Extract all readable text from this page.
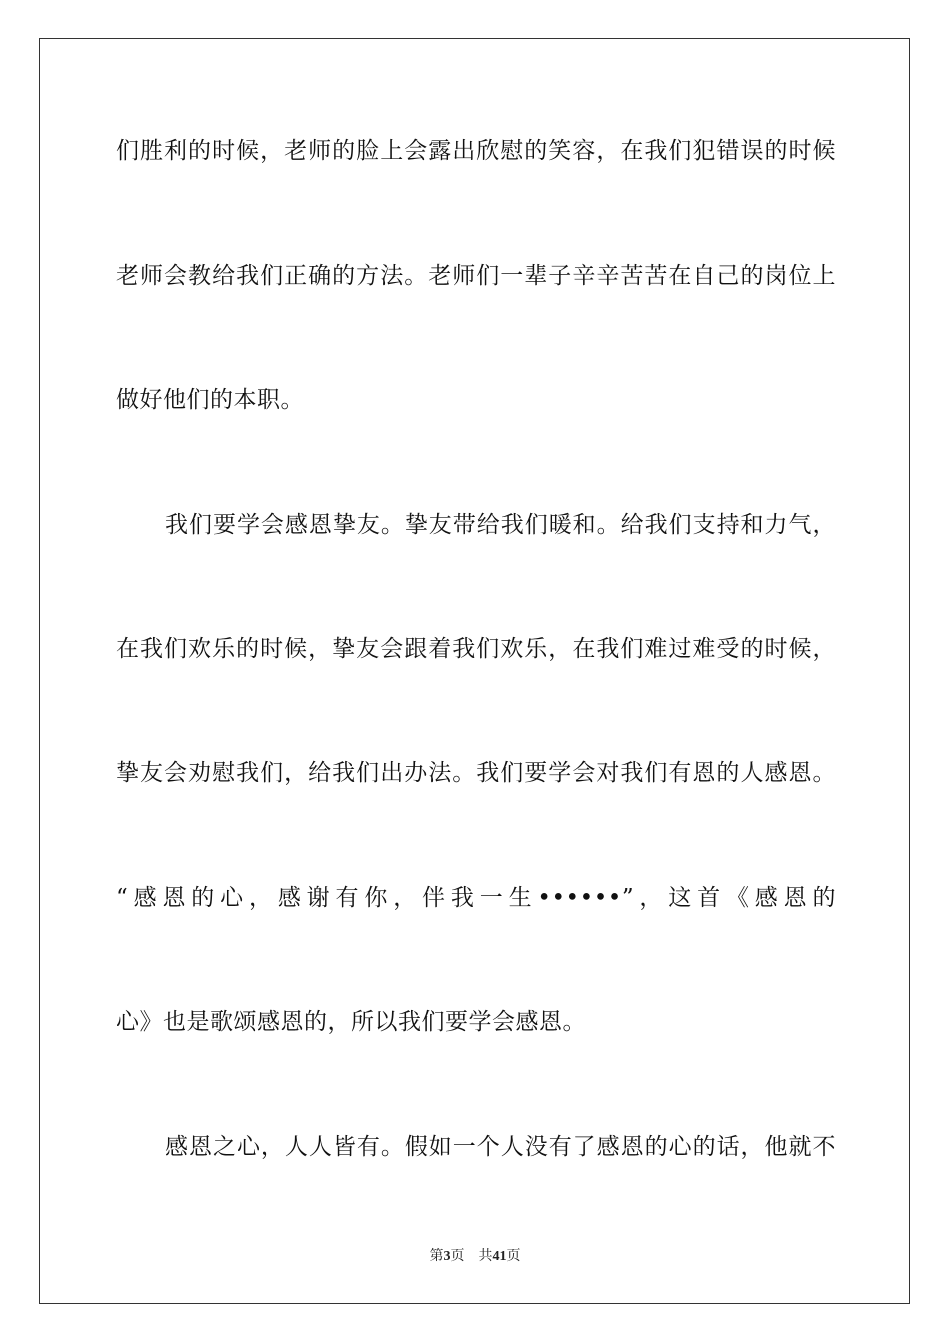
们胜利的时候，老师的脸上会露出欣慰的笑容，在我们犯错误的时候
老师会教给我们正确的方法。老师们一辈子辛辛苦苦在自己的岗位上
做好他们的本职。
我们要学会感恩挚友。挚友带给我们暖和。给我们支持和力气，
在我们欢乐的时候，挚友会跟着我们欢乐，在我们难过难受的时候，
挚友会劝慰我们，给我们出办法。我们要学会对我们有恩的人感恩。
“感恩的心，感谢有你，伴我一生••••••”，这首《感恩的
心》也是歌颂感恩的，所以我们要学会感恩。
感恩之心，人人皆有。假如一个人没有了感恩的心的话，他就不
第3页 共41页
